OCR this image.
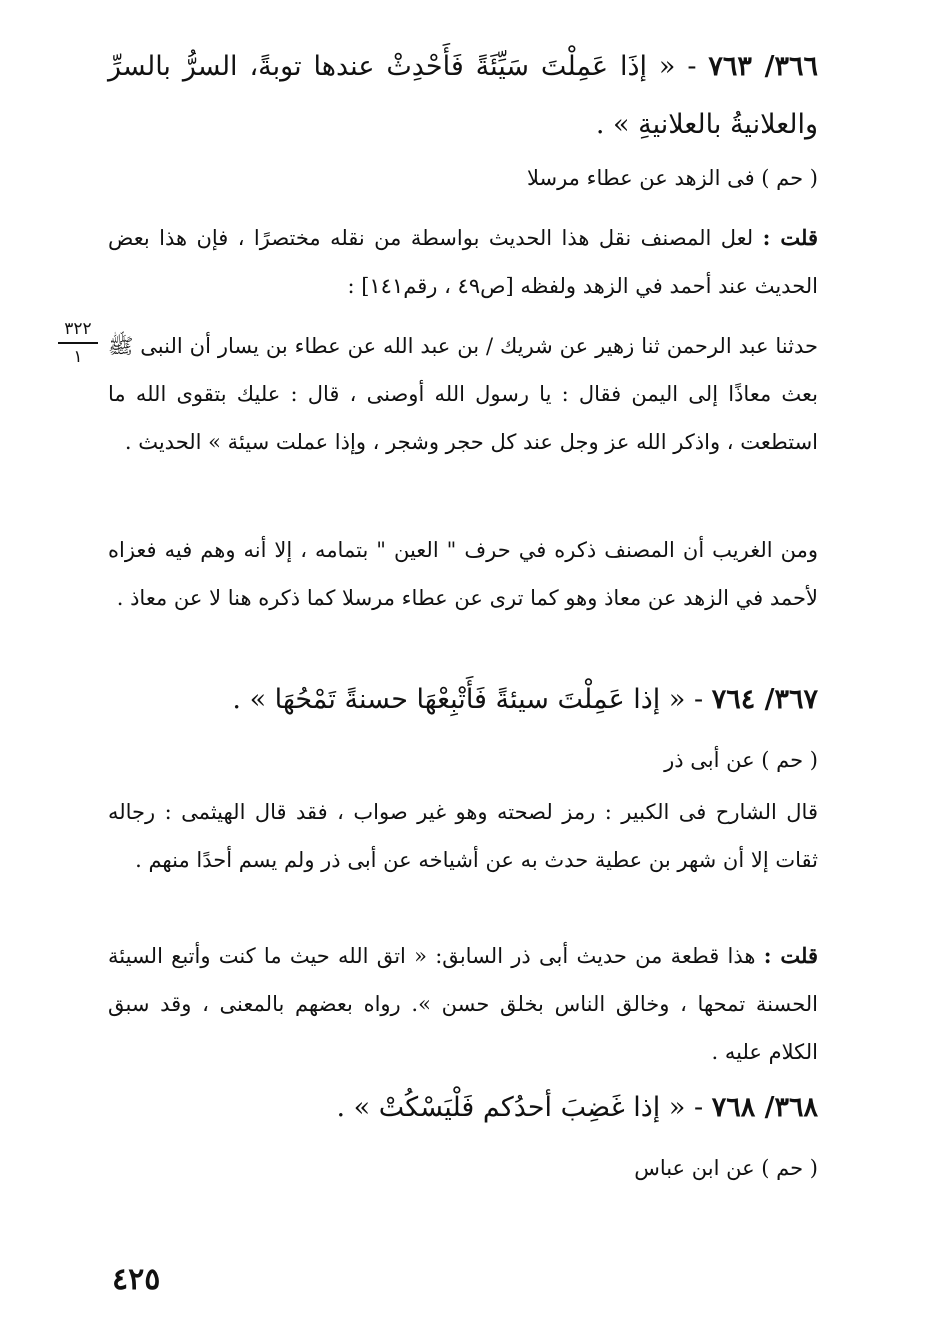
٣٦٦/ ٧٦٣ - « إذَا عَمِلْتَ سَيِّئَةً فَأَحْدِثْ عندها توبةً، السرُّ بالسرِّ والعلانيةُ بالعلانيةِ » .

( حم ) فى الزهد عن عطاء مرسلا

قلت : لعل المصنف نقل هذا الحديث بواسطة من نقله مختصرًا ، فإن هذا بعض الحديث عند أحمد في الزهد ولفظه [ص٤٩ ، رقم١٤١] :

حدثنا عبد الرحمن ثنا زهير عن شريك / بن عبد الله عن عطاء بن يسار أن النبى ﷺ بعث معاذًا إلى اليمن فقال : يا رسول الله أوصنى ، قال : عليك بتقوى الله ما استطعت ، واذكر الله عز وجل عند كل حجر وشجر ، وإذا عملت سيئة » الحديث .

ومن الغريب أن المصنف ذكره في حرف " العين " بتمامه ، إلا أنه وهم فيه فعزاه لأحمد في الزهد عن معاذ وهو كما ترى عن عطاء مرسلا كما ذكره هنا لا عن معاذ .

٣٦٧/ ٧٦٤ - « إذا عَمِلْتَ سيئةً فَأَتْبِعْهَا حسنةً تَمْحُهَا » .

( حم ) عن أبى ذر

قال الشارح فى الكبير : رمز لصحته وهو غير صواب ، فقد قال الهيثمى : رجاله ثقات إلا أن شهر بن عطية حدث به عن أشياخه عن أبى ذر ولم يسم أحدًا منهم .

قلت : هذا قطعة من حديث أبى ذر السابق: « اتق الله حيث ما كنت وأتبع السيئة الحسنة تمحها ، وخالق الناس بخلق حسن ». رواه بعضهم بالمعنى ، وقد سبق الكلام عليه .

٣٦٨/ ٧٦٨ - « إذا غَضِبَ أحدُكم فَلْيَسْكُتْ » .

( حم ) عن ابن عباس
٣٢٢
١
٤٢٥
